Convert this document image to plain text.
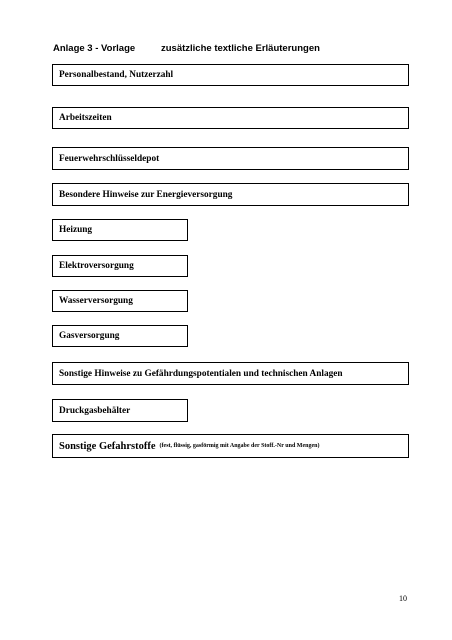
Anlage 3 - Vorlage	zusätzliche textliche Erläuterungen
Personalbestand, Nutzerzahl
Arbeitszeiten
Feuerwehrschlüsseldepot
Besondere Hinweise zur Energieversorgung
Heizung
Elektroversorgung
Wasserversorgung
Gasversorgung
Sonstige Hinweise zu Gefährdungspotentialen und technischen Anlagen
Druckgasbehälter
Sonstige Gefahrstoffe (fest, flüssig, gasförmig mit Angabe der Stoff.-Nr und Mengen)
10
